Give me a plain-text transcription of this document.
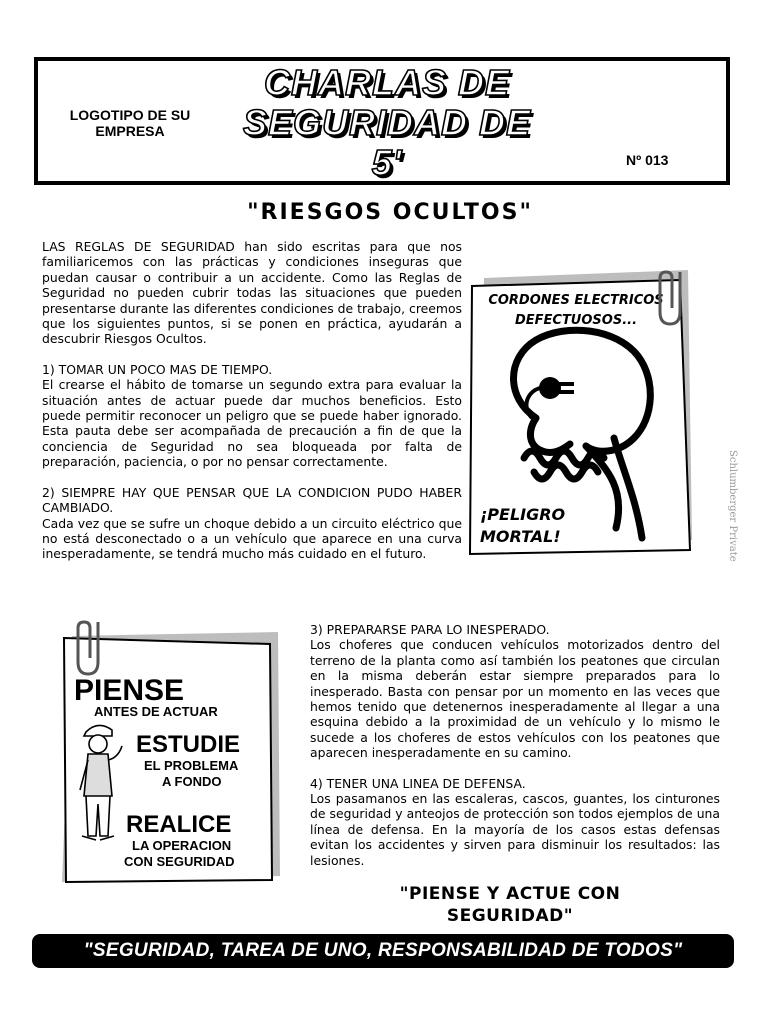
LOGOTIPO DE SU EMPRESA
CHARLAS DE
SEGURIDAD DE
5'	Nº 013
"RIESGOS OCULTOS"

LAS REGLAS DE SEGURIDAD han sido escritas para que nos familiaricemos con las prácticas y condiciones inseguras que puedan causar o contribuir a un accidente. Como las Reglas de Seguridad no pueden cubrir todas las situaciones que pueden presentarse durante las diferentes condiciones de trabajo, creemos que los siguientes puntos, si se ponen en práctica, ayudarán a descubrir Riesgos Ocultos.

1) TOMAR UN POCO MAS DE TIEMPO.
El crearse el hábito de tomarse un segundo extra para evaluar la situación antes de actuar puede dar muchos beneficios. Esto puede permitir reconocer un peligro que se puede haber ignorado. Esta pauta debe ser acompañada de precaución a fin de que la conciencia de Seguridad no sea bloqueada por falta de preparación, paciencia, o por no pensar correctamente.

2) SIEMPRE HAY QUE PENSAR QUE LA CONDICION PUDO HABER CAMBIADO.
Cada vez que se sufre un choque debido a un circuito eléctrico que no está desconectado o a un vehículo que aparece en una curva inesperadamente, se tendrá mucho más cuidado en el futuro.

CORDONES ELECTRICOS
DEFECTUOSOS...
¡PELIGRO
MORTAL!
PIENSE
ANTES DE ACTUAR
ESTUDIE
EL PROBLEMA
A FONDO
REALICE
LA OPERACION
CON SEGURIDAD

3) PREPARARSE PARA LO INESPERADO.
Los choferes que conducen vehículos motorizados dentro del terreno de la planta como así también los peatones que circulan en la misma deberán estar siempre preparados para lo inesperado. Basta con pensar por un momento en las veces que hemos tenido que detenernos inesperadamente al llegar a una esquina debido a la proximidad de un vehículo y lo mismo le sucede a los choferes de estos vehículos con los peatones que aparecen inesperadamente en su camino.

4) TENER UNA LINEA DE DEFENSA.
Los pasamanos en las escaleras, cascos, guantes, los cinturones de seguridad y anteojos de protección son todos ejemplos de una línea de defensa. En la mayoría de los casos estas defensas evitan los accidentes y sirven para disminuir los resultados: las lesiones.

"PIENSE Y ACTUE CON
SEGURIDAD"
"SEGURIDAD, TAREA DE UNO, RESPONSABILIDAD DE TODOS"
Schlumberger Private
